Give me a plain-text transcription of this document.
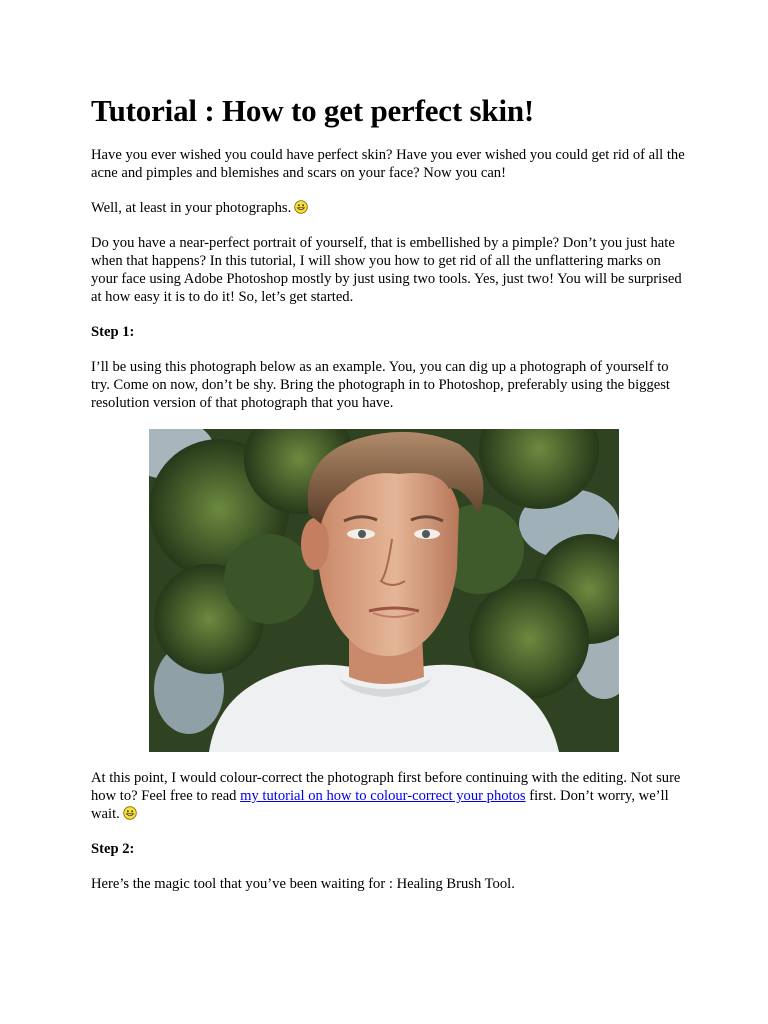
Tutorial : How to get perfect skin!

Have you ever wished you could have perfect skin? Have you ever wished you could get rid of all the acne and pimples and blemishes and scars on your face? Now you can!

Well, at least in your photographs.

Do you have a near-perfect portrait of yourself, that is embellished by a pimple? Don’t you just hate when that happens? In this tutorial, I will show you how to get rid of all the unflattering marks on your face using Adobe Photoshop mostly by just using two tools. Yes, just two! You will be surprised at how easy it is to do it! So, let’s get started.

Step 1:

I’ll be using this photograph below as an example. You, you can dig up a photograph of yourself to try. Come on now, don’t be shy. Bring the photograph in to Photoshop, preferably using the biggest resolution version of that photograph that you have.

At this point, I would colour-correct the photograph first before continuing with the editing. Not sure how to? Feel free to read my tutorial on how to colour-correct your photos first. Don’t worry, we’ll wait.

Step 2:

Here’s the magic tool that you’ve been waiting for : Healing Brush Tool.
